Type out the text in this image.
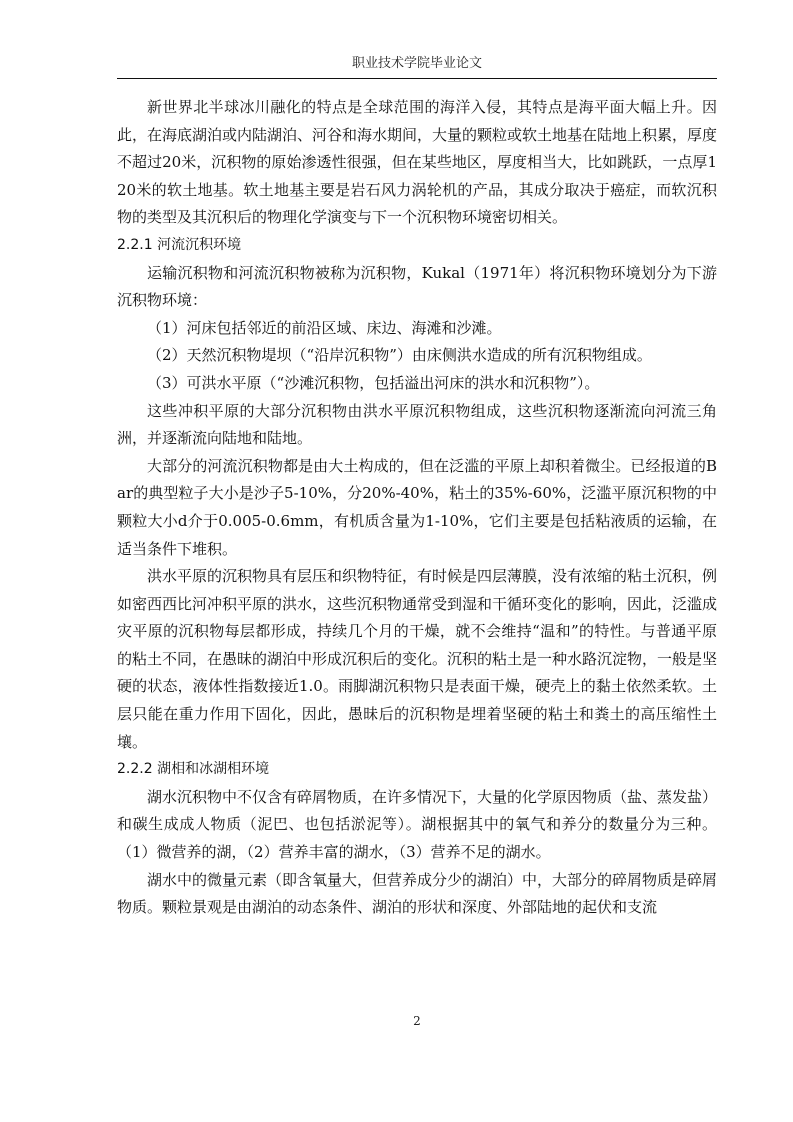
职业技术学院毕业论文

新世界北半球冰川融化的特点是全球范围的海洋入侵，其特点是海平面大幅上升。因此，在海底湖泊或内陆湖泊、河谷和海水期间，大量的颗粒或软土地基在陆地上积累，厚度不超过20米，沉积物的原始渗透性很强，但在某些地区，厚度相当大，比如跳跃，一点厚120米的软土地基。软土地基主要是岩石风力涡轮机的产品，其成分取决于癌症，而软沉积物的类型及其沉积后的物理化学演变与下一个沉积物环境密切相关。

2.2.1 河流沉积环境

运输沉积物和河流沉积物被称为沉积物，Kukal（1971年）将沉积物环境划分为下游沉积物环境：

（1）河床包括邻近的前沿区域、床边、海滩和沙滩。

（2）天然沉积物堤坝（“沿岸沉积物”）由床侧洪水造成的所有沉积物组成。

（3）可洪水平原（“沙滩沉积物，包括溢出河床的洪水和沉积物”）。

这些冲积平原的大部分沉积物由洪水平原沉积物组成，这些沉积物逐渐流向河流三角洲，并逐渐流向陆地和陆地。

大部分的河流沉积物都是由大土构成的，但在泛滥的平原上却积着微尘。已经报道的Bar的典型粒子大小是沙子5-10%，分20%-40%，粘土的35%-60%，泛滥平原沉积物的中颗粒大小d介于0.005-0.6mm，有机质含量为1-10%，它们主要是包括粘液质的运输，在适当条件下堆积。

洪水平原的沉积物具有层压和织物特征，有时候是四层薄膜，没有浓缩的粘土沉积，例如密西西比河冲积平原的洪水，这些沉积物通常受到湿和干循环变化的影响，因此，泛滥成灾平原的沉积物每层都形成，持续几个月的干燥，就不会维持“温和”的特性。与普通平原的粘土不同，在愚昧的湖泊中形成沉积后的变化。沉积的粘土是一种水路沉淀物，一般是坚硬的状态，液体性指数接近1.0。雨脚湖沉积物只是表面干燥，硬壳上的黏土依然柔软。土层只能在重力作用下固化，因此，愚昧后的沉积物是埋着坚硬的粘土和粪土的高压缩性土壤。

2.2.2 湖相和冰湖相环境

湖水沉积物中不仅含有碎屑物质，在许多情况下，大量的化学原因物质（盐、蒸发盐）和碳生成成人物质（泥巴、也包括淤泥等）。湖根据其中的氧气和养分的数量分为三种。（1）微营养的湖，（2）营养丰富的湖水，（3）营养不足的湖水。

湖水中的微量元素（即含氧量大，但营养成分少的湖泊）中，大部分的碎屑物质是碎屑物质。颗粒景观是由湖泊的动态条件、湖泊的形状和深度、外部陆地的起伏和支流

2
